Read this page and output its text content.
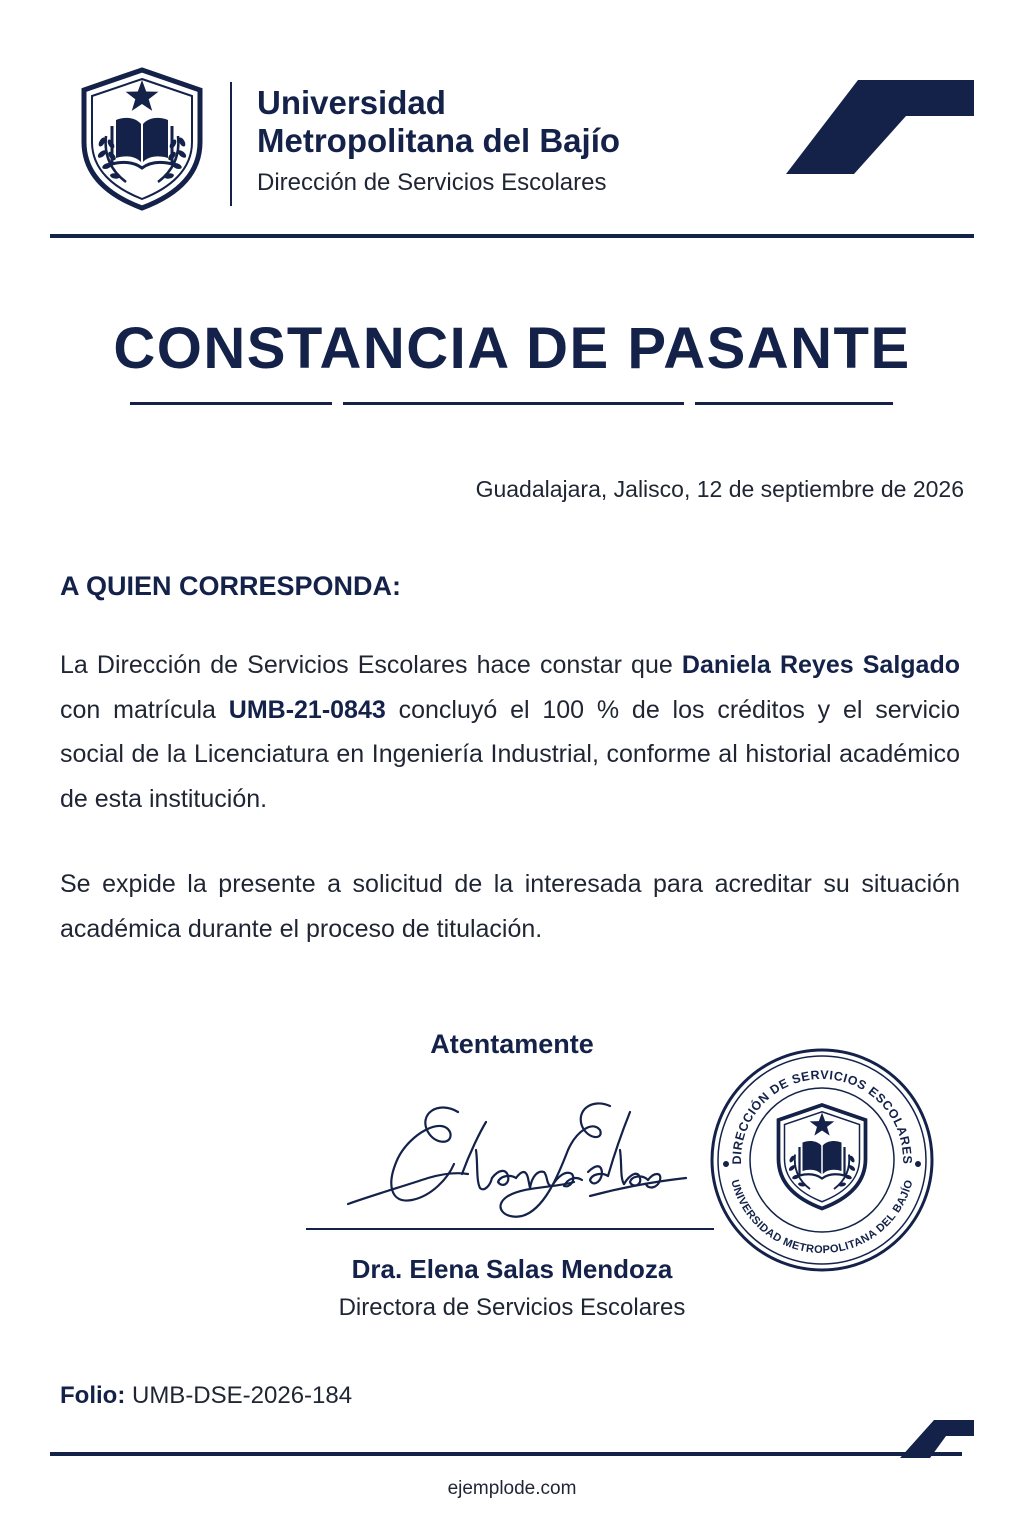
Universidad
Metropolitana del Bajío
Dirección de Servicios Escolares
CONSTANCIA DE PASANTE
Guadalajara, Jalisco, 12 de septiembre de 2026
A QUIEN CORRESPONDA:
La Dirección de Servicios Escolares hace constar que Daniela Reyes Salgado con matrícula UMB-21-0843 concluyó el 100 % de los créditos y el servicio social de la Licenciatura en Ingeniería Industrial, conforme al historial académico de esta institución.
Se expide la presente a solicitud de la interesada para acreditar su situación académica durante el proceso de titulación.
Atentamente
Dra. Elena Salas Mendoza
Directora de Servicios Escolares
DIRECCIÓN DE SERVICIOS ESCOLARES
UNIVERSIDAD METROPOLITANA DEL BAJÍO
Folio: UMB-DSE-2026-184
ejemplode.com
